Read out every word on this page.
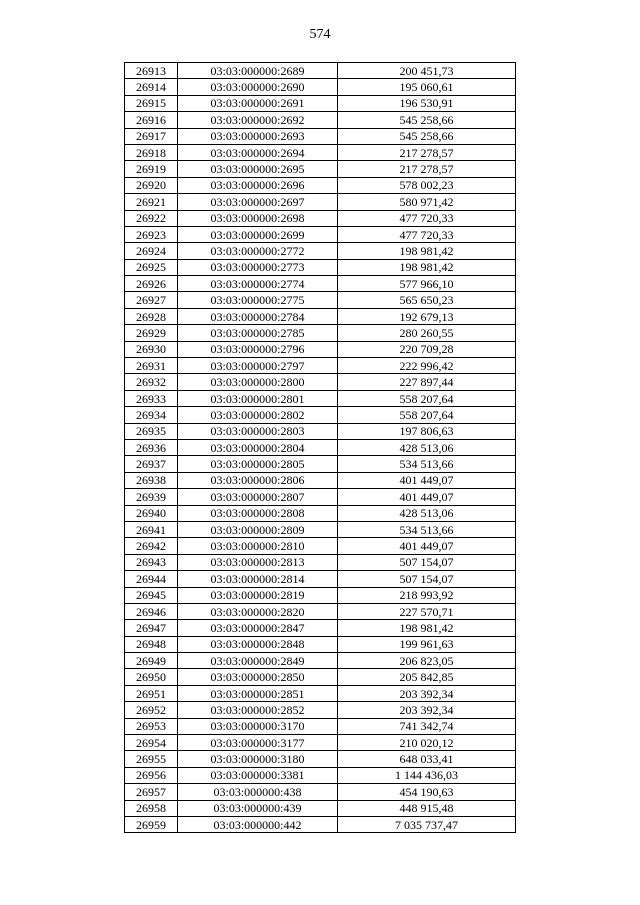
574
26913	03:03:000000:2689	200 451,73
26914	03:03:000000:2690	195 060,61
26915	03:03:000000:2691	196 530,91
26916	03:03:000000:2692	545 258,66
26917	03:03:000000:2693	545 258,66
26918	03:03:000000:2694	217 278,57
26919	03:03:000000:2695	217 278,57
26920	03:03:000000:2696	578 002,23
26921	03:03:000000:2697	580 971,42
26922	03:03:000000:2698	477 720,33
26923	03:03:000000:2699	477 720,33
26924	03:03:000000:2772	198 981,42
26925	03:03:000000:2773	198 981,42
26926	03:03:000000:2774	577 966,10
26927	03:03:000000:2775	565 650,23
26928	03:03:000000:2784	192 679,13
26929	03:03:000000:2785	280 260,55
26930	03:03:000000:2796	220 709,28
26931	03:03:000000:2797	222 996,42
26932	03:03:000000:2800	227 897,44
26933	03:03:000000:2801	558 207,64
26934	03:03:000000:2802	558 207,64
26935	03:03:000000:2803	197 806,63
26936	03:03:000000:2804	428 513,06
26937	03:03:000000:2805	534 513,66
26938	03:03:000000:2806	401 449,07
26939	03:03:000000:2807	401 449,07
26940	03:03:000000:2808	428 513,06
26941	03:03:000000:2809	534 513,66
26942	03:03:000000:2810	401 449,07
26943	03:03:000000:2813	507 154,07
26944	03:03:000000:2814	507 154,07
26945	03:03:000000:2819	218 993,92
26946	03:03:000000:2820	227 570,71
26947	03:03:000000:2847	198 981,42
26948	03:03:000000:2848	199 961,63
26949	03:03:000000:2849	206 823,05
26950	03:03:000000:2850	205 842,85
26951	03:03:000000:2851	203 392,34
26952	03:03:000000:2852	203 392,34
26953	03:03:000000:3170	741 342,74
26954	03:03:000000:3177	210 020,12
26955	03:03:000000:3180	648 033,41
26956	03:03:000000:3381	1 144 436,03
26957	03:03:000000:438	454 190,63
26958	03:03:000000:439	448 915,48
26959	03:03:000000:442	7 035 737,47
